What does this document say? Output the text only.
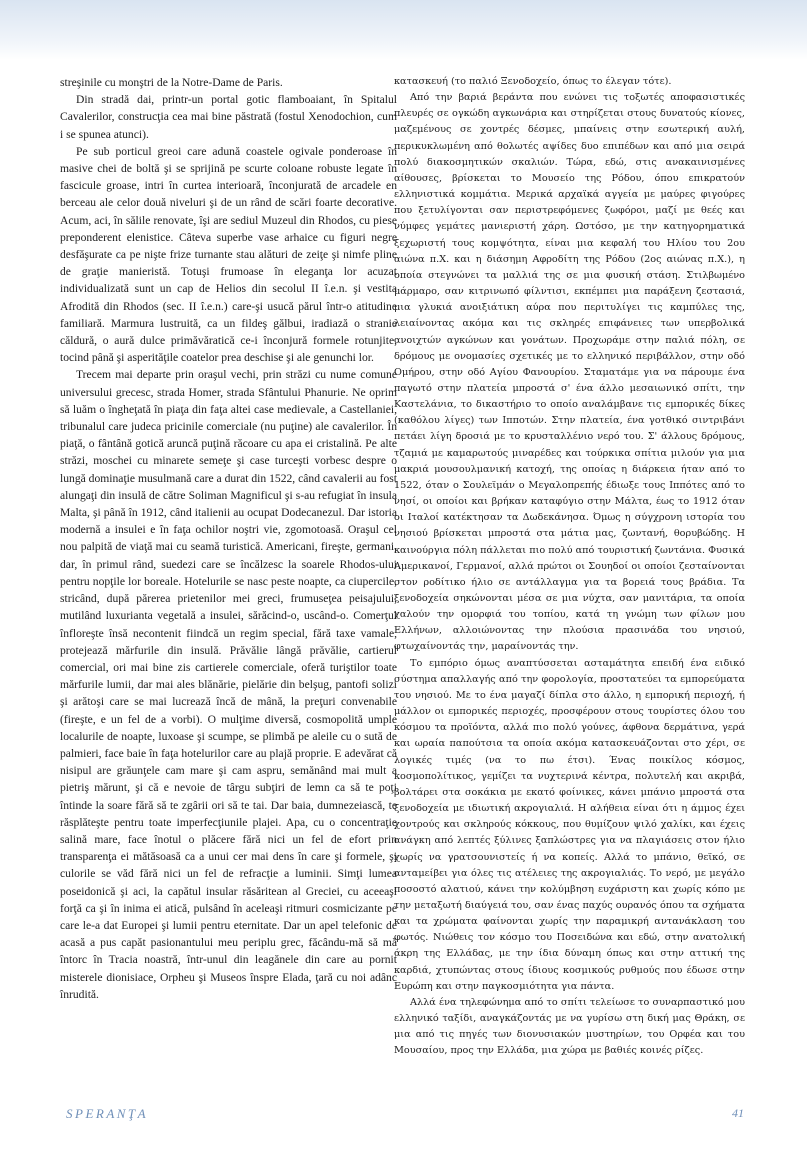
streşinile cu monştri de la Notre-Dame de Paris.

Din stradă dai, printr-un portal gotic flamboaiant, în Spitalul Cavalerilor, construcţia cea mai bine păstrată (fostul Xenodochion, cum i se spunea atunci).

Pe sub porticul greoi care adună coastele ogivale ponderoase în masive chei de boltă şi se sprijină pe scurte coloane robuste legate în fascicule groase, intri în curtea interioară, înconjurată de arcadele en berceau ale celor două niveluri şi de un rând de scări foarte decorative. Acum, aci, în sălile renovate, îşi are sediul Muzeul din Rhodos, cu piese preponderent elenistice. Câteva superbe vase arhaice cu figuri negre desfăşurate ca pe nişte frize turnante stau alături de zeiţe şi nimfe pline de graţie manieristă. Totuşi frumoase în eleganţa lor acuzat individualizată sunt un cap de Helios din secolul II î.e.n. şi vestita Afrodită din Rhodos (sec. II î.e.n.) care-şi usucă părul într-o atitudine familiară. Marmura lustruită, ca un fildeş gălbui, iradiază o stranie căldură, o aură dulce primăvăratică ce-i înconjură formele rotunjite, tocind până şi asperităţile coatelor prea deschise şi ale genunchi lor.

Trecem mai departe prin oraşul vechi, prin străzi cu nume comune universului grecesc, strada Homer, strada Sfântului Phanurie. Ne oprim să luăm o îngheţată în piaţa din faţa altei case medievale, a Castellaniei, tribunalul care judeca pricinile comerciale (nu puţine) ale cavalerilor. În piaţă, o fântână gotică aruncă puţină răcoare cu apa ei cristalină. Pe alte străzi, moschei cu minarete semeţe şi case turceşti vorbesc despre o lungă dominaţie musulmană care a durat din 1522, când cavalerii au fost alungaţi din insulă de către Soliman Magnificul şi s-au refugiat în insula Malta, şi până în 1912, când italienii au ocupat Dodecanezul. Dar istoria modernă a insulei e în faţa ochilor noştri vie, zgomotoasă. Oraşul cel nou palpită de viaţă mai cu seamă turistică. Americani, fireşte, germani, dar, în primul rând, suedezi care se încălzesc la soarele Rhodos-ului pentru nopţile lor boreale. Hotelurile se nasc peste noapte, ca ciupercile, stricând, după părerea prietenilor mei greci, frumuseţea peisajului, mutilând luxurianta vegetală a insulei, sărăcind-o, uscând-o. Comerţul înfloreşte însă necontenit fiindcă un regim special, fără taxe vamale, protejează mărfurile din insulă. Prăvălie lângă prăvălie, cartierul comercial, ori mai bine zis cartierele comerciale, oferă turiştilor toate mărfurile lumii, dar mai ales blănărie, pielărie din belşug, pantofi solizi şi arătoşi care se mai lucrează încă de mână, la preţuri convenabile (fireşte, e un fel de a vorbi). O mulţime diversă, cosmopolită umple localurile de noapte, luxoase şi scumpe, se plimbă pe aleile cu o sută de palmieri, face baie în faţa hotelurilor care au plajă proprie. E adevărat că nisipul are grăunţele cam mare şi cam aspru, semănând mai mult a pietriş mărunt, şi că e nevoie de târgu subţiri de lemn ca să te poţi întinde la soare fără să te zgârii ori să te tai. Dar baia, dumnezeiască, te răsplăteşte pentru toate imperfecţiunile plajei. Apa, cu o concentraţie salină mare, face înotul o plăcere fără nici un fel de efort prin transparenţa ei mătăsoasă ca a unui cer mai dens în care şi formele, şi culorile se văd fără nici un fel de refracţie a luminii. Simţi lumea poseidonică şi aci, la capătul insular răsăritean al Greciei, cu aceeaşi forţă ca şi în inima ei atică, pulsând în aceleaşi ritmuri cosmicizante pe care le-a dat Europei şi lumii pentru eternitate. Dar un apel telefonic de acasă a pus capăt pasionantului meu periplu grec, făcându-mă să mă întorc în Tracia noastră, într-unul din leagănele din care au pornit misterele dionisiace, Orpheu şi Museos înspre Elada, ţară cu noi adânc înrudită.

κατασκευή (το παλιό Ξενοδοχείο, όπως το έλεγαν τότε).

Από την βαριά βεράντα που ενώνει τις τοξωτές αποφασιστικές πλευρές σε ογκώδη αγκωνάρια και στηρίζεται στους δυνατούς κίονες, μαζεμένους σε χοντρές δέσμες, μπαίνεις στην εσωτερική αυλή, περικυκλωμένη από θολωτές αψίδες δυο επιπέδων και από μια σειρά πολύ διακοσμητικών σκαλιών. Τώρα, εδώ, στις ανακαινισμένες αίθουσες, βρίσκεται το Μουσείο της Ρόδου, όπου επικρατούν ελληνιστικά κομμάτια. Μερικά αρχαϊκά αγγεία με μαύρες φιγούρες που ξετυλίγονται σαν περιστρεφόμενες ζωφόροι, μαζί με θεές και νύμφες γεμάτες μανιεριστή χάρη. Ωστόσο, με την κατηγορηματικά ξεχωριστή τους κομψότητα, είναι μια κεφαλή του Ηλίου του 2ου αιώνα π.Χ. και η διάσημη Αφροδίτη της Ρόδου (2ος αιώνας π.Χ.), η οποία στεγνώνει τα μαλλιά της σε μια φυσική στάση. Στιλβωμένο μάρμαρο, σαν κιτρινωπό φίλντισι, εκπέμπει μια παράξενη ζεστασιά, μια γλυκιά ανοιξιάτικη αύρα που περιτυλίγει τις καμπύλες της, λειαίνοντας ακόμα και τις σκληρές επιφάνειες των υπερβολικά ανοιχτών αγκώνων και γονάτων. Προχωράμε στην παλιά πόλη, σε δρόμους με ονομασίες σχετικές με το ελληνικό περιβάλλον, στην οδό Ομήρου, στην οδό Αγίου Φανουρίου. Σταματάμε για να πάρουμε ένα παγωτό στην πλατεία μπροστά σ' ένα άλλο μεσαιωνικό σπίτι, την Καστελάνια, το δικαστήριο το οποίο αναλάμβανε τις εμπορικές δίκες (καθόλου λίγες) των Ιπποτών. Στην πλατεία, ένα γοτθικό σιντριβάνι πετάει λίγη δροσιά με το κρυσταλλένιο νερό του. Σ' άλλους δρόμους, τζαμιά με καμαρωτούς μιναρέδες και τούρκικα σπίτια μιλούν για μια μακριά μουσουλμανική κατοχή, της οποίας η διάρκεια ήταν από το 1522, όταν ο Σουλεϊμάν ο Μεγαλοπρεπής έδιωξε τους Ιππότες από το νησί, οι οποίοι και βρήκαν καταφύγιο στην Μάλτα, έως το 1912 όταν οι Ιταλοί κατέκτησαν τα Δωδεκάνησα. Όμως η σύγχρονη ιστορία του νησιού βρίσκεται μπροστά στα μάτια μας, ζωντανή, θορυβώδης. Η καινούργια πόλη πάλλεται πιο πολύ από τουριστική ζωντάνια. Φυσικά Αμερικανοί, Γερμανοί, αλλά πρώτοι οι Σουηδοί οι οποίοι ζεσταίνονται στον ροδίτικο ήλιο σε αντάλλαγμα για τα βορειά τους βράδια. Τα ξενοδοχεία σηκώνονται μέσα σε μια νύχτα, σαν μανιτάρια, τα οποία χαλούν την ομορφιά του τοπίου, κατά τη γνώμη των φίλων μου Ελλήνων, αλλοιώνοντας την πλούσια πρασινάδα του νησιού, φτωχαίνοντάς την, μαραίνοντάς την.

Το εμπόριο όμως αναπτύσσεται ασταμάτητα επειδή ένα ειδικό σύστημα απαλλαγής από την φορολογία, προστατεύει τα εμπορεύματα του νησιού. Με το ένα μαγαζί δίπλα στο άλλο, η εμπορική περιοχή, ή μάλλον οι εμπορικές περιοχές, προσφέρουν στους τουρίστες όλου του κόσμου τα προϊόντα, αλλά πιο πολύ γούνες, άφθονα δερμάτινα, γερά και ωραία παπούτσια τα οποία ακόμα κατασκευάζονται στο χέρι, σε λογικές τιμές (να το πω έτσι). Ένας ποικίλος κόσμος, κοσμοπολίτικος, γεμίζει τα νυχτερινά κέντρα, πολυτελή και ακριβά, βολτάρει στα σοκάκια με εκατό φοίνικες, κάνει μπάνιο μπροστά στα ξενοδοχεία με ιδιωτική ακρογιαλιά. Η αλήθεια είναι ότι η άμμος έχει χοντρούς και σκληρούς κόκκους, που θυμίζουν ψιλό χαλίκι, και έχεις ανάγκη από λεπτές ξύλινες ξαπλώστρες για να πλαγιάσεις στον ήλιο χωρίς να γρατσουνιστείς ή να κοπείς. Αλλά το μπάνιο, θεϊκό, σε ανταμείβει για όλες τις ατέλειες της ακρογιαλιάς. Το νερό, με μεγάλο ποσοστό αλατιού, κάνει την κολύμβηση ευχάριστη και χωρίς κόπο με την μεταξωτή διαύγειά του, σαν ένας παχύς ουρανός όπου τα σχήματα και τα χρώματα φαίνονται χωρίς την παραμικρή αντανάκλαση του φωτός. Νιώθεις τον κόσμο του Ποσειδώνα και εδώ, στην ανατολική άκρη της Ελλάδας, με την ίδια δύναμη όπως και στην αττική της καρδιά, χτυπώντας στους ίδιους κοσμικούς ρυθμούς που έδωσε στην Ευρώπη και στην παγκοσμιότητα για πάντα.

Αλλά ένα τηλεφώνημα από το σπίτι τελείωσε το συναρπαστικό μου ελληνικό ταξίδι, αναγκάζοντάς με να γυρίσω στη δική μας Θράκη, σε μια από τις πηγές των διονυσιακών μυστηρίων, του Ορφέα και του Μουσαίου, προς την Ελλάδα, μια χώρα με βαθιές κοινές ρίζες.

SPERANŢA	41
